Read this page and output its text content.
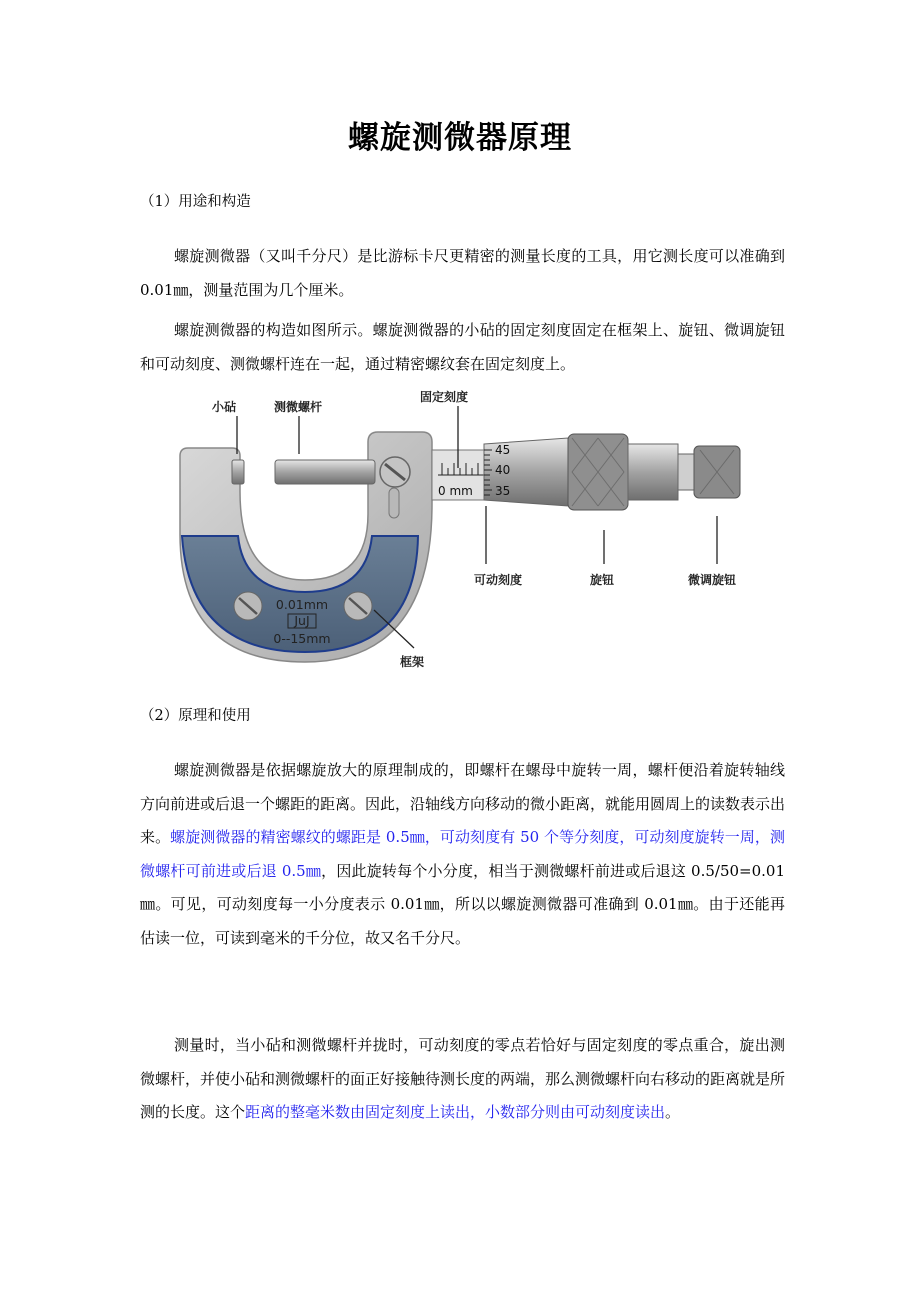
螺旋测微器原理
（1）用途和构造
螺旋测微器（又叫千分尺）是比游标卡尺更精密的测量长度的工具，用它测长度可以准确到 0.01㎜，测量范围为几个厘米。
螺旋测微器的构造如图所示。螺旋测微器的小砧的固定刻度固定在框架上、旋钮、微调旋钮和可动刻度、测微螺杆连在一起，通过精密螺纹套在固定刻度上。
0 mm
45
40
35
0.01mm
JuJ
0--15mm
小砧	测微螺杆
固定刻度
可动刻度	旋钮	微调旋钮
框架
（2）原理和使用
螺旋测微器是依据螺旋放大的原理制成的，即螺杆在螺母中旋转一周，螺杆便沿着旋转轴线方向前进或后退一个螺距的距离。因此，沿轴线方向移动的微小距离，就能用圆周上的读数表示出来。螺旋测微器的精密螺纹的螺距是 0.5㎜，可动刻度有 50 个等分刻度，可动刻度旋转一周，测微螺杆可前进或后退 0.5㎜，因此旋转每个小分度，相当于测微螺杆前进或后退这 0.5/50=0.01㎜。可见，可动刻度每一小分度表示 0.01㎜，所以以螺旋测微器可准确到 0.01㎜。由于还能再估读一位，可读到毫米的千分位，故又名千分尺。
测量时，当小砧和测微螺杆并拢时，可动刻度的零点若恰好与固定刻度的零点重合，旋出测微螺杆，并使小砧和测微螺杆的面正好接触待测长度的两端，那么测微螺杆向右移动的距离就是所测的长度。这个距离的整毫米数由固定刻度上读出，小数部分则由可动刻度读出。
